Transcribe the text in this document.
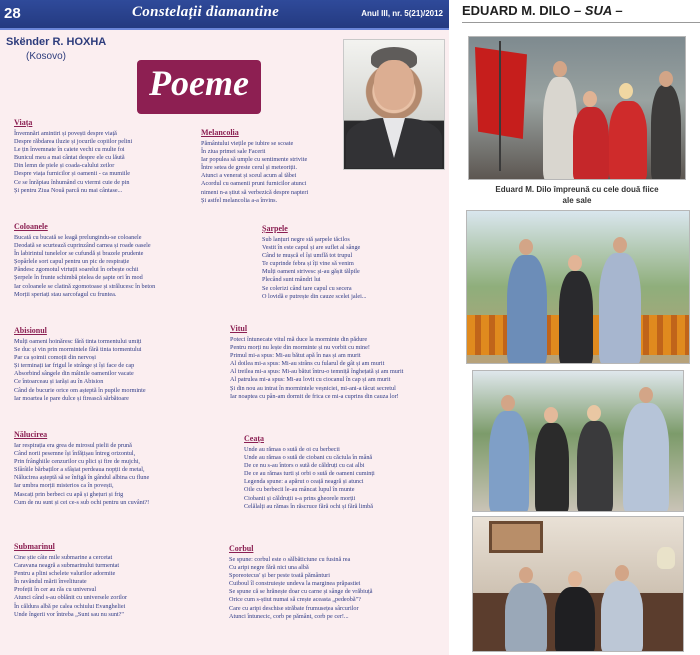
28	Constelații diamantine	Anul III, nr. 5(21)/2012
Skënder R. HOXHA
(Kosovo)
Poeme
Viața
Învemnări amintiri și povești despre viață
Despre răbdarea iluzie și jocurile copiilor pelini
Le țin învemnate în caiete vechi cu multe foi
Bunicul meu a mai cântat despre ele cu lăută
Din lemn de piele și coada-calului zeilor
Despre viața furnicilor și oamenii - ca mumiile
Ce se înrăpiau înhumând cu viermi cuie de pin
Și pentru Ziua Nouă parcă nu mai cântase...
Coloanele
Bucată cu bucată se leagă prelungindu-se coloanele
Deodată se scurtează cuprinzând carnea și roade oasele
În labirintul tunelelor se cufundă și brazele prudente
Șopârlele sort capul pentru un pic de respirație
Pândesc zgomotul virtuții soarelui în orbește ochii
Șerpele în frunte schimbă pielea de șapte ori în mod
Iar coloanele se clatină zgomotoase și strălucesc în beton
Morții speriați stau sarcofagul cu fruntea.
Abisionul
Mulți oameni hoinăresc fără tinta tormentului umiți
Se duc și vin prin mormintele fără tinta tormentului
Par ca șoimii comoții din nervoși
Și terminați iar frigul le strânge și își face de cap
Absorbind sângele din mâinile oamenilor vacate
Ce întoarceau și iarăși au în Abision
Când de bucurie orice om așteptă în pupile morminte
Iar moartea le pare dulce și firească sărbătoare
Nălucirea
Iar respirația era grea de mirosul pielii de prună
Când norii pesemne își înfățișau întreg orizontul,
Prin frânghiile cenzurilor cu plici și fire de mujchi,
Sfârâile bărbaților a sfâșiat perdeaua nopții de metal,
Nălucirea așteptă să se înfigă în gândul albina cu flune
Iar umbra morții misterios ca în povești,
Mascați prin berbeci cu apă și ghețuri și frig
Cum de nu sunt și cei ce-s sub ochi pentru un cuvânt?!
Submarinul
Cine știe câte mile submarine a cercetat
Caravana neagră a submarinului turmentat
Pentru a plini schelete valurilor adormite
În ravăndul mării înveliturate
Profeții în cer au răs cu universul
Atunci când s-au oblănit cu universele zorilor
În căldura albă pe calea ochiului Evangheliei
Unde îngerii vor întreba „Sunt sau nu sunt?"
Melancolia
Pământului viețile pe iubire se scoate
În ziua primei sale Facerii
Iar populea să umple cu sentimente strivite
Între setea de greste cerul și meteoriții.
Atunci a venerat și sceul acum al tăbei
Acordul cu oamenii pruni furnicilor atunci
nimeni n-a știut să verbezică despre napteri
Și astfel melancolia a-a învins.
Șarpele
Sub lanțuri negre stă șarpele tăcilos
Vestit în este capul și are suflet al sânge
Când te mușcă el își umflă tot trupul
Te cuprinde febra și îți vine să venim
Mulți oameni strivesc și-au gășit tălpile
Plecând sunt mândri lui
Se colerizi când tare capul cu secera
O lovidă e putrește din cauze scelei jalei...
Vitul
Poteci întunecate vitul mă duce la morminte din pădure
Pentru morți nu lește din morminte și nu vorbit cu mine!
Primul mi-a spus: Mi-au bătut apă în nas și am murit
Al doilea mi-a spus: Mi-au strâns cu fularul de gât și am murit
Al treilea mi-a spus: Mi-au bătut întru-o temniță înghețată și am murit
Al patrulea mi-a spus: Mi-au lovit cu ciocanul în cap și am murit
Și din nou au intrat în mormintele veșniciei, mi-ani-a tăcut secretul
Iar noaptea cu pân-am dormit de frica ce mi-a cuprins din cauza lor!
Ceața
Unde au rămas o sută de oi cu berbecii
Unde au rămas o sută de ciobani cu căciula în mână
De ce nu s-au întors o sută de căldruți cu cai albi
De ce au rămas turti și orbi o sută de oameni cuminți
Legenda spune: a apărut o ceață neagră și atunci
Oile cu berbecii le-au mâncat lupul în munte
Ciobanii și căldruții s-a prins gheorele morții
Celălalți au rămas în răscruce fără ochi și fără limbă
Corbul
Se spune: corbul este o sălbăticiune cu fusină rea
Cu aripi negre fără nici una albă
Sporeotecus' și ber peste toată pământuri
Cuiboul îl construiește undeva la marginea prăpastiei
Se spune că se hrănește doar cu carne și sânge de vrăbiuță
Orice cum s-știut numai să crește aceasta „pedeobă"?
Care cu aripi deschise străbate frumusețea sârcurilor
Atunci întunecic, corb pe pământ, corb pe cer!...
EDUARD M. DILO – SUA –
Eduard M. Dilo împreună cu cele două fiice ale sale
